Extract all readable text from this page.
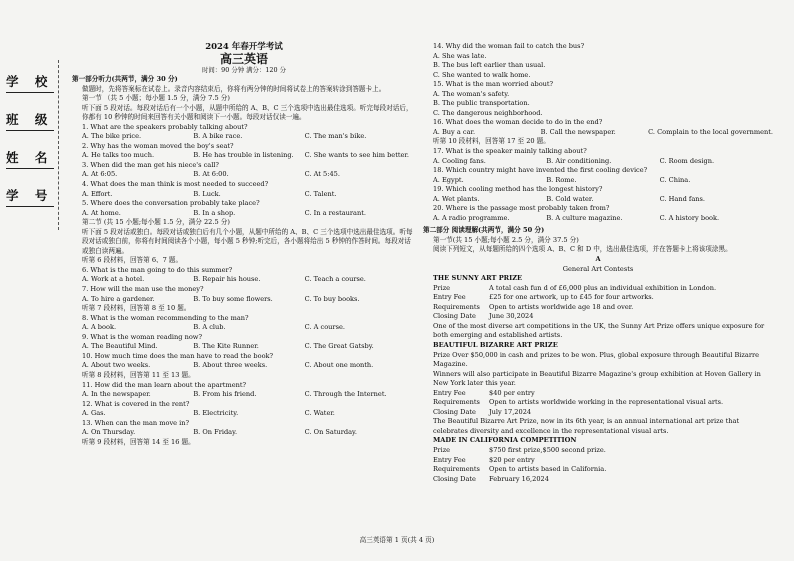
学 校
班 级
姓 名
学 号
2024 年春开学考试
高三英语
时间：90 分钟 满分：120 分
第一部分听力(共两节，满分 30 分)
做题时，先将答案标在试卷上。录音内容结束后，你将有两分钟的时间将试卷上的答案转涂到答题卡上。
第一节 （共 5 小题；每小题 1.5 分，满分 7.5 分)
听下面 5 段对话。每段对话后有一个小题，从题中所给的 A、B、C 三个选项中选出最佳选项。听完每段对话后，你都有 10 秒钟的时间来回答有关小题和阅读下一小题。每段对话仅读一遍。
1. What are the speakers probably talking about?
A. The bike price.	B. A bike race.	C. The man's bike.
2. Why has the woman moved the boy's seat?
A. He talks too much.	B. He has trouble in listening.	C. She wants to see him better.
3. When did the man get his niece's call?
A. At 6:05.	B. At 6:00.	C. At 5:45.
4. What does the man think is most needed to succeed?
A. Effort.	B. Luck.	C. Talent.
5. Where does the conversation probably take place?
A. At home.	B. In a shop.	C. In a restaurant.
第二节 (共 15 小题;每小题 1.5 分，满分 22.5 分)
听下面 5 段对话或独白。每段对话或独白后有几个小题，从题中所给的 A、B、C 三个选项中选出最佳选项。听每段对话或独白前，你将有时间阅读各个小题，每小题 5 秒钟;听完后，各小题将给出 5 秒钟的作答时间。每段对话或独白读两遍。
听第 6 段材料，回答第 6、7 题。
6. What is the man going to do this summer?
A. Work at a hotel.	B. Repair his house.	C. Teach a course.
7. How will the man use the money?
A. To hire a gardener.	B. To buy some flowers.	C. To buy books.
听第 7 段材料，回答第 8 至 10 题。
8. What is the woman recommending to the man?
A. A book.	B. A club.	C. A course.
9. What is the woman reading now?
A. The Beautiful Mind.	B. The Kite Runner.	C. The Great Gatsby.
10. How much time does the man have to read the book?
A. About two weeks.	B. About three weeks.	C. About one month.
听第 8 段材料，回答第 11 至 13 题。
11. How did the man learn about the apartment?
A. In the newspaper.	B. From his friend.	C. Through the Internet.
12. What is covered in the rent?
A. Gas.	B. Electricity.	C. Water.
13. When can the man move in?
A. On Thursday.	B. On Friday.	C. On Saturday.
听第 9 段材料，回答第 14 至 16 题。
14. Why did the woman fail to catch the bus?
A. She was late.
B. The bus left earlier than usual.
C. She wanted to walk home.
15. What is the man worried about?
A. The woman's safety.
B. The public transportation.
C. The dangerous neighborhood.
16. What does the woman decide to do in the end?
A. Buy a car.	B. Call the newspaper.	C. Complain to the local government.
听第 10 段材料，回答第 17 至 20 题。
17. What is the speaker mainly talking about?
A. Cooling fans.	B. Air conditioning.	C. Room design.
18. Which country might have invented the first cooling device?
A. Egypt.	B. Rome.	C. China.
19. Which cooling method has the longest history?
A. Wet plants.	B. Cold water.	C. Hand fans.
20. Where is the passage most probably taken from?
A. A radio programme.	B. A culture magazine.	C. A history book.
第二部分 阅读理解(共两节，满分 50 分)
第一节(共 15 小题;每小题 2.5 分，满分 37.5 分)
阅读下列短文，从每题所给的四个选项 A、B、C 和 D 中，选出最佳选项，并在答题卡上将该项涂黑。
A
General Art Contests
THE SUNNY ART PRIZE
Prize	A total cash fun d of £6,000 plus an individual exhibition in London.
Entry Fee	£25 for one artwork, up to £45 for four artworks.
Requirements	Open to artists worldwide age 18 and over.
Closing Date	June 30,2024
One of the most diverse art competitions in the UK, the Sunny Art Prize offers unique exposure for both emerging and established artists.
BEAUTIFUL BIZARRE ART PRIZE
Prize Over $50,000 in cash and prizes to be won. Plus, global exposure through Beautiful Bizarre Magazine.
Winners will also participate in Beautiful Bizarre Magazine's group exhibition at Hoven Gallery in New York later this year.
Entry Fee	$40 per entry
Requirements	Open to artists worldwide working in the representational visual arts.
Closing Date	July 17,2024
The Beautiful Bizarre Art Prize, now in its 6th year, is an annual international art prize that celebrates diversity and excellence in the representational visual arts.
MADE IN CALIFORNIA COMPETITION
Prize	$750 first prize,$500 second prize.
Entry Fee	$20 per entry
Requirements	Open to artists based in California.
Closing Date	February 16,2024
高三英语第 1 页(共 4 页)
